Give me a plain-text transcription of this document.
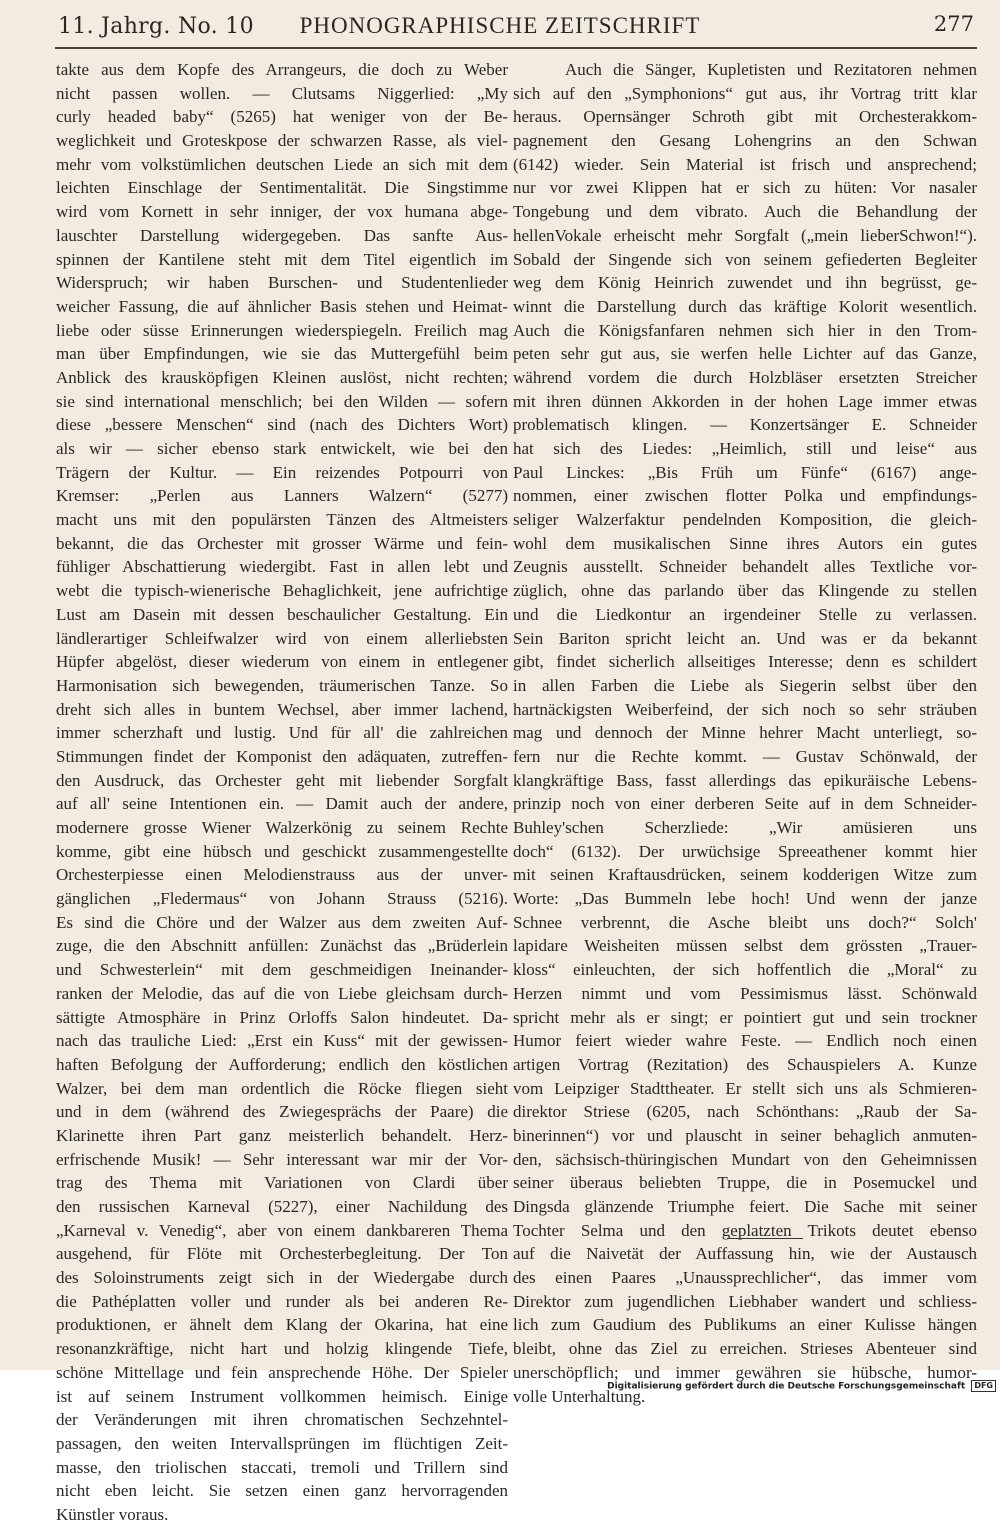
11. Jahrg. No. 10	PHONOGRAPHISCHE ZEITSCHRIFT	277
takte aus dem Kopfe des Arrangeurs, die doch zu Weber
nicht passen wollen. — Clutsams Niggerlied: „My
curly headed baby“ (5265) hat weniger von der Be-
weglichkeit und Groteskpose der schwarzen Rasse, als viel-
mehr vom volkstümlichen deutschen Liede an sich mit dem
leichten Einschlage der Sentimentalität. Die Singstimme
wird vom Kornett in sehr inniger, der vox humana abge-
lauschter Darstellung widergegeben. Das sanfte Aus-
spinnen der Kantilene steht mit dem Titel eigentlich im
Widerspruch; wir haben Burschen- und Studentenlieder
weicher Fassung, die auf ähnlicher Basis stehen und Heimat-
liebe oder süsse Erinnerungen wiederspiegeln. Freilich mag
man über Empfindungen, wie sie das Muttergefühl beim
Anblick des krausköpfigen Kleinen auslöst, nicht rechten;
sie sind international menschlich; bei den Wilden — sofern
diese „bessere Menschen“ sind (nach des Dichters Wort)
als wir — sicher ebenso stark entwickelt, wie bei den
Trägern der Kultur. — Ein reizendes Potpourri von
Kremser: „Perlen aus Lanners Walzern“ (5277)
macht uns mit den populärsten Tänzen des Altmeisters
bekannt, die das Orchester mit grosser Wärme und fein-
fühliger Abschattierung wiedergibt. Fast in allen lebt und
webt die typisch-wienerische Behaglichkeit, jene aufrichtige
Lust am Dasein mit dessen beschaulicher Gestaltung. Ein
ländlerartiger Schleifwalzer wird von einem allerliebsten
Hüpfer abgelöst, dieser wiederum von einem in entlegener
Harmonisation sich bewegenden, träumerischen Tanze. So
dreht sich alles in buntem Wechsel, aber immer lachend,
immer scherzhaft und lustig. Und für all' die zahlreichen
Stimmungen findet der Komponist den adäquaten, zutreffen-
den Ausdruck, das Orchester geht mit liebender Sorgfalt
auf all' seine Intentionen ein. — Damit auch der andere,
modernere grosse Wiener Walzerkönig zu seinem Rechte
komme, gibt eine hübsch und geschickt zusammengestellte
Orchesterpiesse einen Melodienstrauss aus der unver-
gänglichen „Fledermaus“ von Johann Strauss (5216).
Es sind die Chöre und der Walzer aus dem zweiten Auf-
zuge, die den Abschnitt anfüllen: Zunächst das „Brüderlein
und Schwesterlein“ mit dem geschmeidigen Ineinander-
ranken der Melodie, das auf die von Liebe gleichsam durch-
sättigte Atmosphäre in Prinz Orloffs Salon hindeutet. Da-
nach das trauliche Lied: „Erst ein Kuss“ mit der gewissen-
haften Befolgung der Aufforderung; endlich den köstlichen
Walzer, bei dem man ordentlich die Röcke fliegen sieht
und in dem (während des Zwiegesprächs der Paare) die
Klarinette ihren Part ganz meisterlich behandelt. Herz-
erfrischende Musik! — Sehr interessant war mir der Vor-
trag des Thema mit Variationen von Clardi über
den russischen Karneval (5227), einer Nachildung des
„Karneval v. Venedig“, aber von einem dankbareren Thema
ausgehend, für Flöte mit Orchesterbegleitung. Der Ton
des Soloinstruments zeigt sich in der Wiedergabe durch
die Pathéplatten voller und runder als bei anderen Re-
produktionen, er ähnelt dem Klang der Okarina, hat eine
resonanzkräftige, nicht hart und holzig klingende Tiefe,
schöne Mittellage und fein ansprechende Höhe. Der Spieler
ist auf seinem Instrument vollkommen heimisch. Einige
der Veränderungen mit ihren chromatischen Sechzehntel-
passagen, den weiten Intervallsprüngen im flüchtigen Zeit-
masse, den triolischen staccati, tremoli und Trillern sind
nicht eben leicht. Sie setzen einen ganz hervorragenden
Künstler voraus.
Auch die Sänger, Kupletisten und Rezitatoren nehmen
sich auf den „Symphonions“ gut aus, ihr Vortrag tritt klar
heraus. Opernsänger Schroth gibt mit Orchesterakkom-
pagnement den Gesang Lohengrins an den Schwan
(6142) wieder. Sein Material ist frisch und ansprechend;
nur vor zwei Klippen hat er sich zu hüten: Vor nasaler
Tongebung und dem vibrato. Auch die Behandlung der
hellenVokale erheischt mehr Sorgfalt („mein lieberSchwon!“).
Sobald der Singende sich von seinem gefiederten Begleiter
weg dem König Heinrich zuwendet und ihn begrüsst, ge-
winnt die Darstellung durch das kräftige Kolorit wesentlich.
Auch die Königsfanfaren nehmen sich hier in den Trom-
peten sehr gut aus, sie werfen helle Lichter auf das Ganze,
während vordem die durch Holzbläser ersetzten Streicher
mit ihren dünnen Akkorden in der hohen Lage immer etwas
problematisch klingen. — Konzertsänger E. Schneider
hat sich des Liedes: „Heimlich, still und leise“ aus
Paul Linckes: „Bis Früh um Fünfe“ (6167) ange-
nommen, einer zwischen flotter Polka und empfindungs-
seliger Walzerfaktur pendelnden Komposition, die gleich-
wohl dem musikalischen Sinne ihres Autors ein gutes
Zeugnis ausstellt. Schneider behandelt alles Textliche vor-
züglich, ohne das parlando über das Klingende zu stellen
und die Liedkontur an irgendeiner Stelle zu verlassen.
Sein Bariton spricht leicht an. Und was er da bekannt
gibt, findet sicherlich allseitiges Interesse; denn es schildert
in allen Farben die Liebe als Siegerin selbst über den
hartnäckigsten Weiberfeind, der sich noch so sehr sträuben
mag und dennoch der Minne hehrer Macht unterliegt, so-
fern nur die Rechte kommt. — Gustav Schönwald, der
klangkräftige Bass, fasst allerdings das epikuräische Lebens-
prinzip noch von einer derberen Seite auf in dem Schneider-
Buhley'schen Scherzliede: „Wir amüsieren uns
doch“ (6132). Der urwüchsige Spreeathener kommt hier
mit seinen Kraftausdrücken, seinem kodderigen Witze zum
Worte: „Das Bummeln lebe hoch! Und wenn der janze
Schnee verbrennt, die Asche bleibt uns doch?“ Solch'
lapidare Weisheiten müssen selbst dem grössten „Trauer-
kloss“ einleuchten, der sich hoffentlich die „Moral“ zu
Herzen nimmt und vom Pessimismus lässt. Schönwald
spricht mehr als er singt; er pointiert gut und sein trockner
Humor feiert wieder wahre Feste. — Endlich noch einen
artigen Vortrag (Rezitation) des Schauspielers A. Kunze
vom Leipziger Stadttheater. Er stellt sich uns als Schmieren-
direktor Striese (6205, nach Schönthans: „Raub der Sa-
binerinnen“) vor und plauscht in seiner behaglich anmuten-
den, sächsisch-thüringischen Mundart von den Geheimnissen
seiner überaus beliebten Truppe, die in Posemuckel und
Dingsda glänzende Triumphe feiert. Die Sache mit seiner
Tochter Selma und den geplatzten Trikots deutet ebenso
auf die Naivetät der Auffassung hin, wie der Austausch
des einen Paares „Unaussprechlicher“, das immer vom
Direktor zum jugendlichen Liebhaber wandert und schliess-
lich zum Gaudium des Publikums an einer Kulisse hängen
bleibt, ohne das Ziel zu erreichen. Strieses Abenteuer sind
unerschöpflich; und immer gewähren sie hübsche, humor-
volle Unterhaltung.
Digitalisierung gefördert durch die Deutsche Forschungsgemeinschaft DFG
